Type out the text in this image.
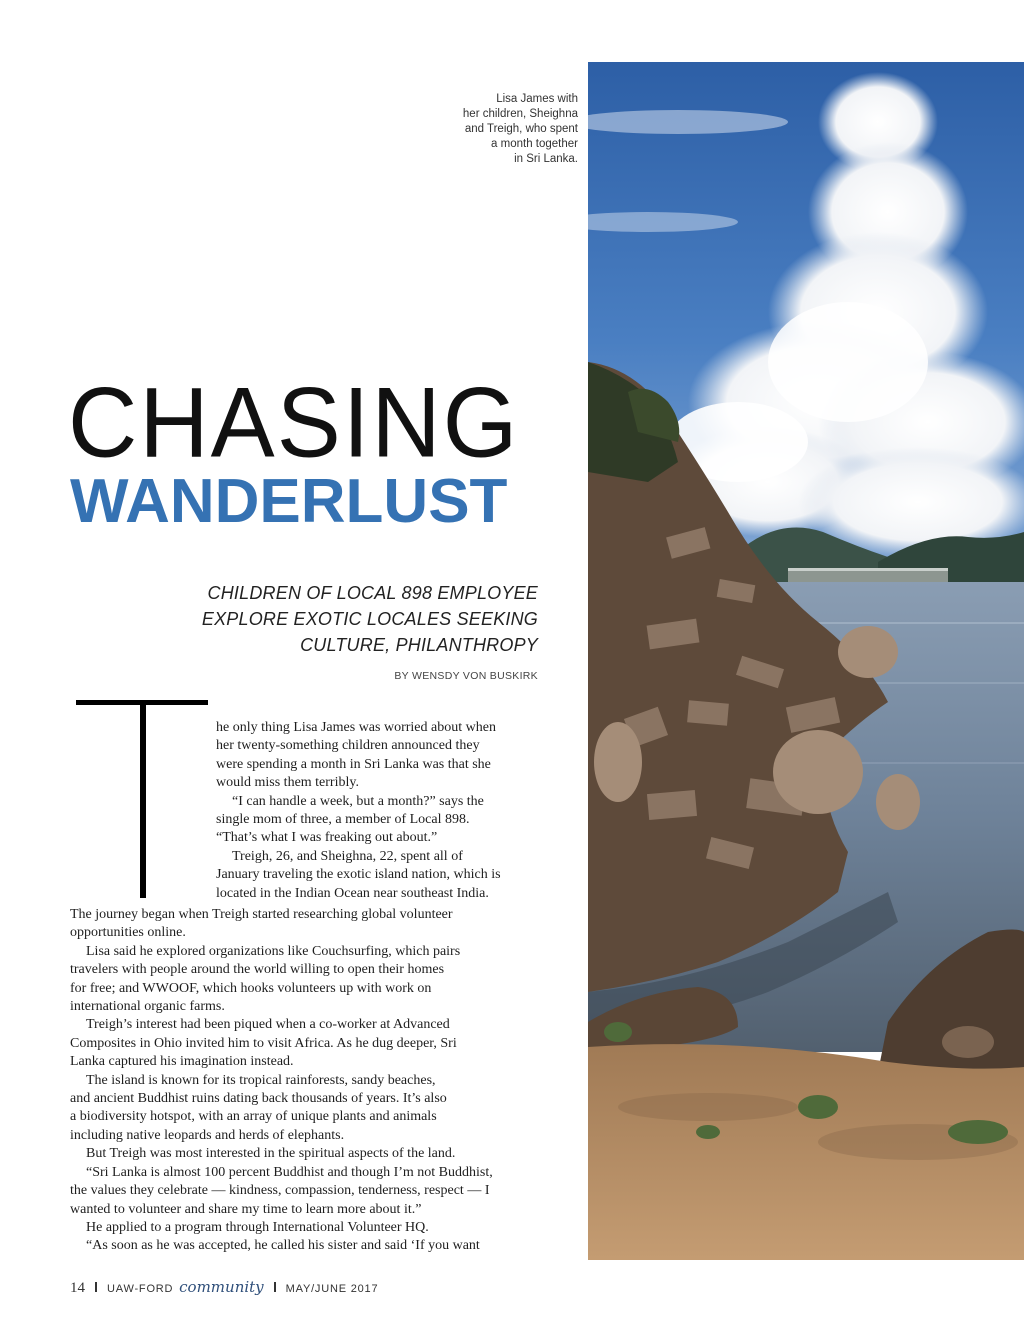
Lisa James with
her children, Sheighna
and Treigh, who spent
a month together
in Sri Lanka.
CHASING
WANDERLUST
CHILDREN OF LOCAL 898 EMPLOYEE
EXPLORE EXOTIC LOCALES SEEKING
CULTURE, PHILANTHROPY
BY WENSDY VON BUSKIRK
he only thing Lisa James was worried about when
her twenty-something children announced they
were spending a month in Sri Lanka was that she
would miss them terribly.
“I can handle a week, but a month?” says the
single mom of three, a member of Local 898.
“That’s what I was freaking out about.”
Treigh, 26, and Sheighna, 22, spent all of
January traveling the exotic island nation, which is
located in the Indian Ocean near southeast India.
The journey began when Treigh started researching global volunteer
opportunities online.
Lisa said he explored organizations like Couchsurfing, which pairs
travelers with people around the world willing to open their homes
for free; and WWOOF, which hooks volunteers up with work on
international organic farms.
Treigh’s interest had been piqued when a co-worker at Advanced
Composites in Ohio invited him to visit Africa. As he dug deeper, Sri
Lanka captured his imagination instead.
The island is known for its tropical rainforests, sandy beaches,
and ancient Buddhist ruins dating back thousands of years. It’s also
a biodiversity hotspot, with an array of unique plants and animals
including native leopards and herds of elephants.
But Treigh was most interested in the spiritual aspects of the land.
“Sri Lanka is almost 100 percent Buddhist and though I’m not Buddhist,
the values they celebrate — kindness, compassion, tenderness, respect — I
wanted to volunteer and share my time to learn more about it.”
He applied to a program through International Volunteer HQ.
“As soon as he was accepted, he called his sister and said ‘If you want
14 UAW-FORD community MAY/JUNE 2017
